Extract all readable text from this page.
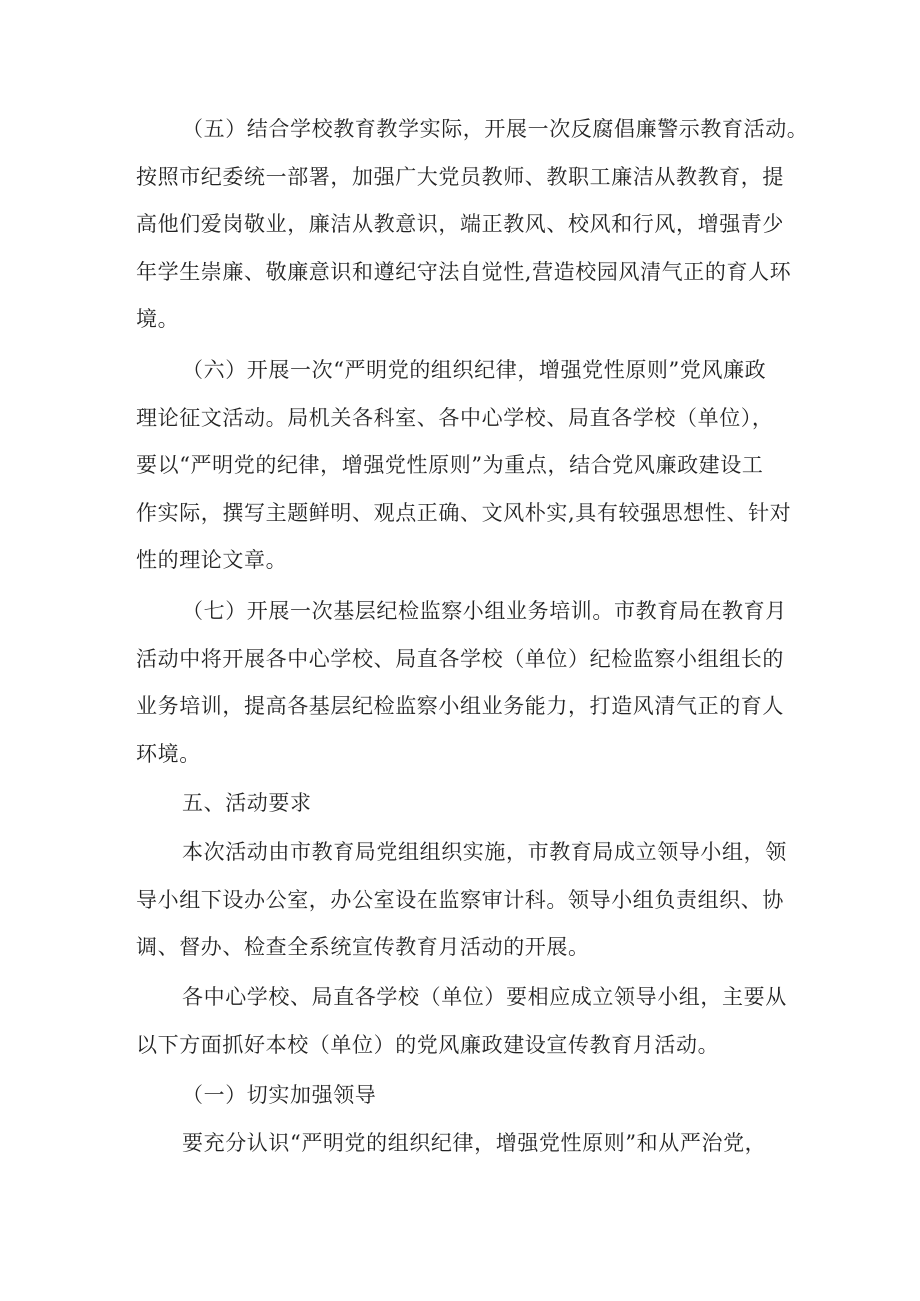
（五）结合学校教育教学实际，开展一次反腐倡廉警示教育活动。
按照市纪委统一部署，加强广大党员教师、教职工廉洁从教教育，提
高他们爱岗敬业，廉洁从教意识，端正教风、校风和行风，增强青少
年学生崇廉、敬廉意识和遵纪守法自觉性,营造校园风清气正的育人环
境。

（六）开展一次“严明党的组织纪律，增强党性原则”党风廉政
理论征文活动。局机关各科室、各中心学校、局直各学校（单位），
要以“严明党的纪律，增强党性原则”为重点，结合党风廉政建设工
作实际，撰写主题鲜明、观点正确、文风朴实,具有较强思想性、针对
性的理论文章。

（七）开展一次基层纪检监察小组业务培训。市教育局在教育月
活动中将开展各中心学校、局直各学校（单位）纪检监察小组组长的
业务培训，提高各基层纪检监察小组业务能力，打造风清气正的育人
环境。

五、活动要求

本次活动由市教育局党组组织实施，市教育局成立领导小组，领
导小组下设办公室，办公室设在监察审计科。领导小组负责组织、协
调、督办、检查全系统宣传教育月活动的开展。

各中心学校、局直各学校（单位）要相应成立领导小组，主要从
以下方面抓好本校（单位）的党风廉政建设宣传教育月活动。

（一）切实加强领导

要充分认识“严明党的组织纪律，增强党性原则”和从严治党，
